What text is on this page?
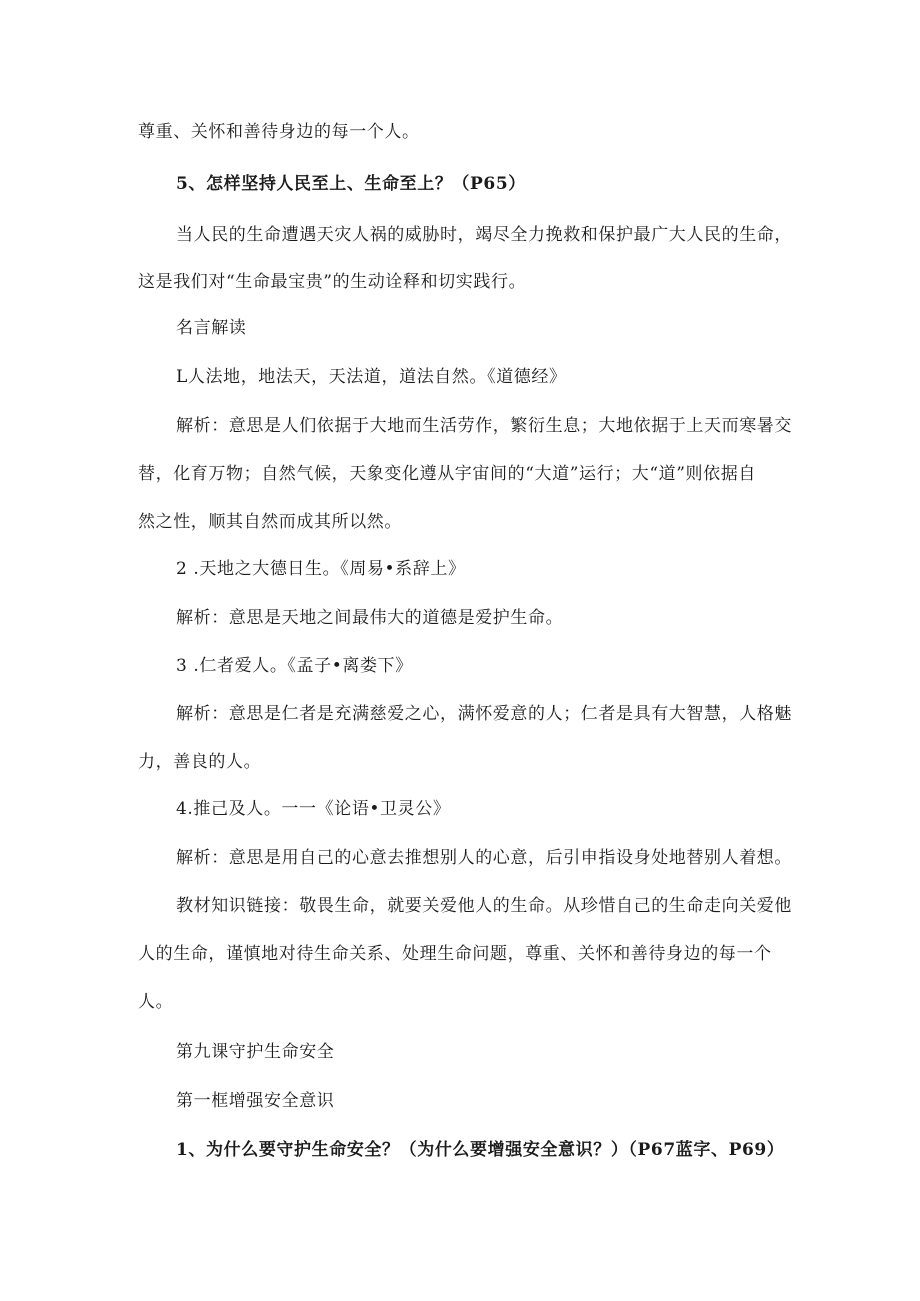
尊重、关怀和善待身边的每一个人。
5、怎样坚持人民至上、生命至上？（P65）
当人民的生命遭遇天灾人祸的威胁时，竭尽全力挽救和保护最广大人民的生命，
这是我们对“生命最宝贵”的生动诠释和切实践行。
名言解读
L人法地，地法天，天法道，道法自然。《道德经》
解析：意思是人们依据于大地而生活劳作，繁衍生息；大地依据于上天而寒暑交
替，化育万物；自然气候，天象变化遵从宇宙间的“大道”运行；大“道”则依据自
然之性，顺其自然而成其所以然。
2 .天地之大德日生。《周易•系辞上》
解析：意思是天地之间最伟大的道德是爱护生命。
3 .仁者爱人。《孟子•离娄下》
解析：意思是仁者是充满慈爱之心，满怀爱意的人；仁者是具有大智慧，人格魅
力，善良的人。
4.推己及人。一一《论语•卫灵公》
解析：意思是用自己的心意去推想别人的心意，后引申指设身处地替别人着想。
教材知识链接：敬畏生命，就要关爱他人的生命。从珍惜自己的生命走向关爱他
人的生命，谨慎地对待生命关系、处理生命问题，尊重、关怀和善待身边的每一个
人。
第九课守护生命安全
第一框增强安全意识
1、为什么要守护生命安全？（为什么要增强安全意识？）（P67蓝字、P69）
